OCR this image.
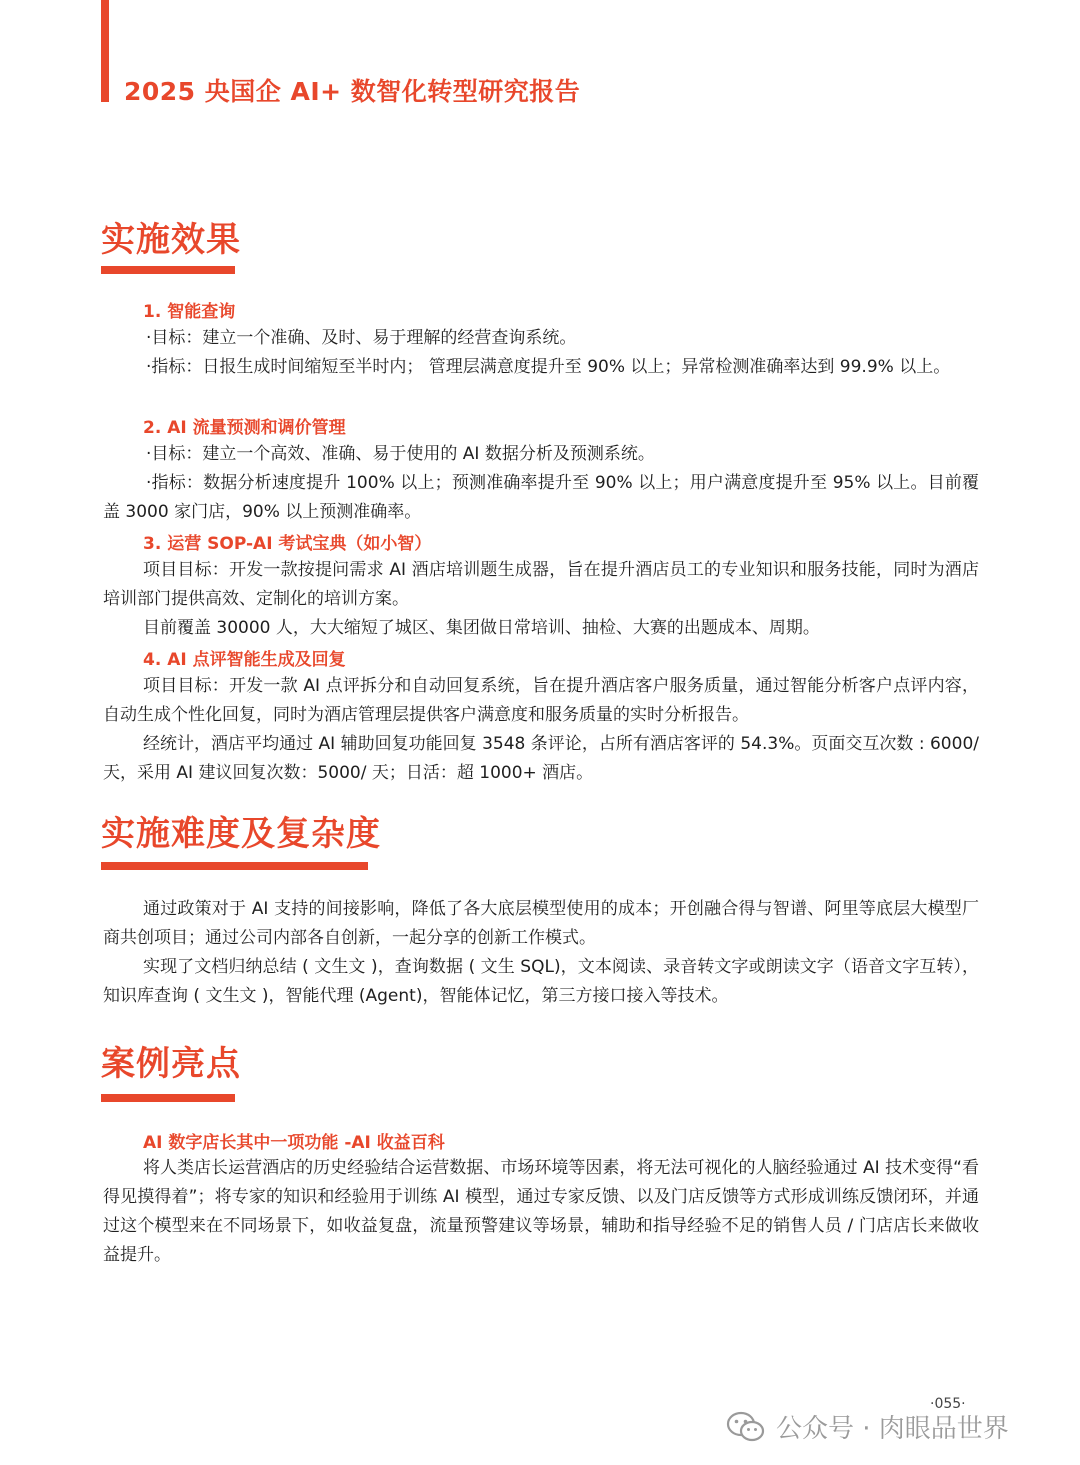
2025 央国企 AI+ 数智化转型研究报告
实施效果
1. 智能查询
·目标：建立一个准确、及时、易于理解的经营查询系统。
·指标：日报生成时间缩短至半时内； 管理层满意度提升至 90% 以上；异常检测准确率达到 99.9% 以上。
2. AI 流量预测和调价管理
·目标：建立一个高效、准确、易于使用的 AI 数据分析及预测系统。
·指标：数据分析速度提升 100% 以上；预测准确率提升至 90% 以上；用户满意度提升至 95% 以上。目前覆盖 3000 家门店，90% 以上预测准确率。
3. 运营 SOP-AI 考试宝典（如小智）
项目目标：开发一款按提问需求 AI 酒店培训题生成器，旨在提升酒店员工的专业知识和服务技能，同时为酒店培训部门提供高效、定制化的培训方案。
目前覆盖 30000 人，大大缩短了城区、集团做日常培训、抽检、大赛的出题成本、周期。
4. AI 点评智能生成及回复
项目目标：开发一款 AI 点评拆分和自动回复系统，旨在提升酒店客户服务质量，通过智能分析客户点评内容，自动生成个性化回复，同时为酒店管理层提供客户满意度和服务质量的实时分析报告。
经统计，酒店平均通过 AI 辅助回复功能回复 3548 条评论，占所有酒店客评的 54.3%。页面交互次数 : 6000/ 天，采用 AI 建议回复次数：5000/ 天；日活：超 1000+ 酒店。
实施难度及复杂度
通过政策对于 AI 支持的间接影响，降低了各大底层模型使用的成本；开创融合得与智谱、阿里等底层大模型厂商共创项目；通过公司内部各自创新，一起分享的创新工作模式。
实现了文档归纳总结 ( 文生文 )，查询数据 ( 文生 SQL)，文本阅读、录音转文字或朗读文字（语音文字互转），知识库查询 ( 文生文 )，智能代理 (Agent)，智能体记忆，第三方接口接入等技术。
案例亮点
AI 数字店长其中一项功能 -AI 收益百科
将人类店长运营酒店的历史经验结合运营数据、市场环境等因素，将无法可视化的人脑经验通过 AI 技术变得“看得见摸得着”；将专家的知识和经验用于训练 AI 模型，通过专家反馈、以及门店反馈等方式形成训练反馈闭环，并通过这个模型来在不同场景下，如收益复盘，流量预警建议等场景，辅助和指导经验不足的销售人员 / 门店店长来做收益提升。
·055·
公众号 · 肉眼品世界
